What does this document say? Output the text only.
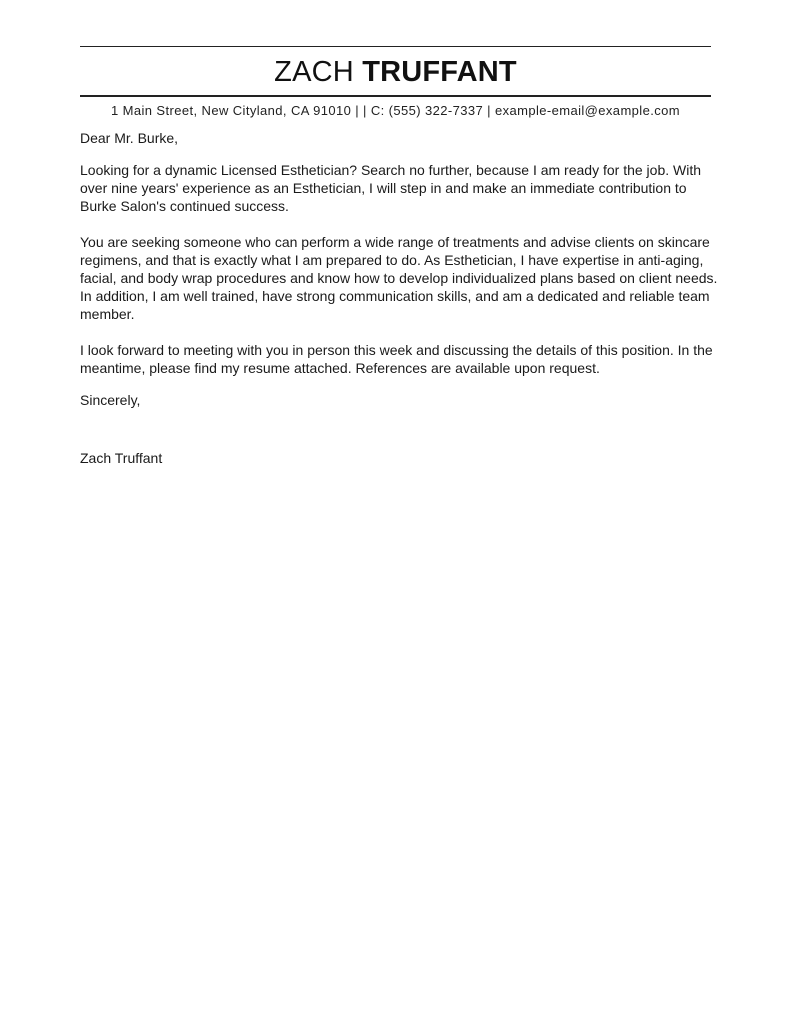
ZACH TRUFFANT
1 Main Street, New Cityland, CA 91010 | | C: (555) 322-7337 | example-email@example.com

Dear Mr. Burke,

Looking for a dynamic Licensed Esthetician? Search no further, because I am ready for the job. With over nine years' experience as an Esthetician, I will step in and make an immediate contribution to Burke Salon's continued success.

You are seeking someone who can perform a wide range of treatments and advise clients on skincare regimens, and that is exactly what I am prepared to do. As Esthetician, I have expertise in anti-aging, facial, and body wrap procedures and know how to develop individualized plans based on client needs. In addition, I am well trained, have strong communication skills, and am a dedicated and reliable team member.

I look forward to meeting with you in person this week and discussing the details of this position. In the meantime, please find my resume attached. References are available upon request.

Sincerely,

Zach Truffant
